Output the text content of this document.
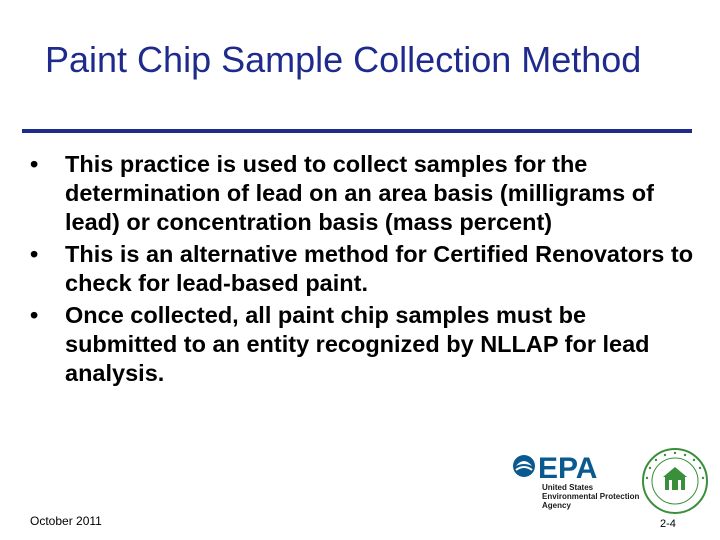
Paint Chip Sample Collection Method
•	This practice is used to collect samples for the determination of lead on an area basis (milligrams of lead) or concentration basis (mass percent)
•	This is an alternative method for Certified Renovators to check for lead-based paint.
•	Once collected, all paint chip samples must be submitted to an entity recognized by NLLAP for lead analysis.
EPA
United States
Environmental Protection
Agency
October 2011	2-4
